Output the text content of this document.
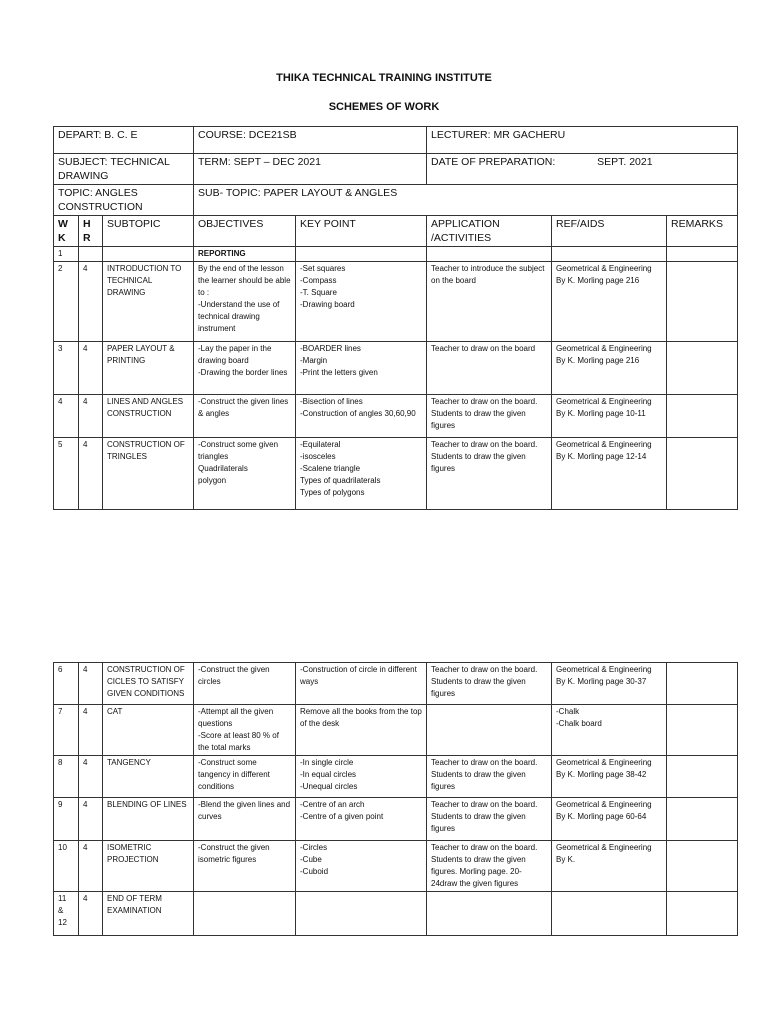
THIKA TECHNICAL TRAINING INSTITUTE
SCHEMES OF WORK
DEPART: B. C. E			COURSE: DCE21SB		LECTURER: MR GACHERU		
SUBJECT: TECHNICAL DRAWING			TERM: SEPT – DEC 2021		DATE OF PREPARATION: SEPT. 2021		
TOPIC: ANGLES CONSTRUCTION			SUB- TOPIC: PAPER LAYOUT & ANGLES				
W K	H R	SUBTOPIC	OBJECTIVES	KEY POINT	APPLICATION /ACTIVITIES	REF/AIDS	REMARKS
1			REPORTING				
2	4	INTRODUCTION TO TECHNICAL DRAWING	By the end of the lesson the learner should be able to :
-Understand the use of technical drawing instrument	-Set squares
-Compass
-T. Square
-Drawing board	Teacher to introduce the subject on the board	Geometrical & Engineering
By K. Morling page 216	
3	4	PAPER LAYOUT & PRINTING	-Lay the paper in the drawing board
-Drawing the border lines	-BOARDER lines
-Margin
-Print the letters given	Teacher to draw on the board	Geometrical & Engineering
By K. Morling page 216	
4	4	LINES AND ANGLES CONSTRUCTION	-Construct the given lines & angles	-Bisection of lines
-Construction of angles 30,60,90	Teacher to draw on the board. Students to draw the given figures	Geometrical & Engineering
By K. Morling page 10-11	
5	4	CONSTRUCTION OF TRINGLES	-Construct some given triangles
Quadrilaterals
polygon	-Equilateral
-isosceles
-Scalene triangle
Types of quadrilaterals
Types of polygons	Teacher to draw on the board. Students to draw the given figures	Geometrical & Engineering
By K. Morling page 12-14	
6	4	CONSTRUCTION OF CICLES TO SATISFY GIVEN CONDITIONS	-Construct the given circles	-Construction of circle in different ways	Teacher to draw on the board. Students to draw the given figures	Geometrical & Engineering
By K. Morling page 30-37	
7	4	CAT	-Attempt all the given questions
-Score at least 80 % of the total marks	Remove all the books from the top of the desk		-Chalk
-Chalk board	
8	4	TANGENCY	-Construct some tangency in different conditions	-In single circle
-In equal circles
-Unequal circles	Teacher to draw on the board. Students to draw the given figures	Geometrical & Engineering
By K. Morling page 38-42	
9	4	BLENDING OF LINES	-Blend the given lines and curves	-Centre of an arch
-Centre of a given point	Teacher to draw on the board. Students to draw the given figures	Geometrical & Engineering
By K. Morling page 60-64	
10	4	ISOMETRIC PROJECTION	-Construct the given isometric figures	-Circles
-Cube
-Cuboid	Teacher to draw on the board. Students to draw the given figures. Morling page. 20-24draw the given figures	Geometrical & Engineering
By K.	
11
&
12	4	END OF TERM EXAMINATION					
